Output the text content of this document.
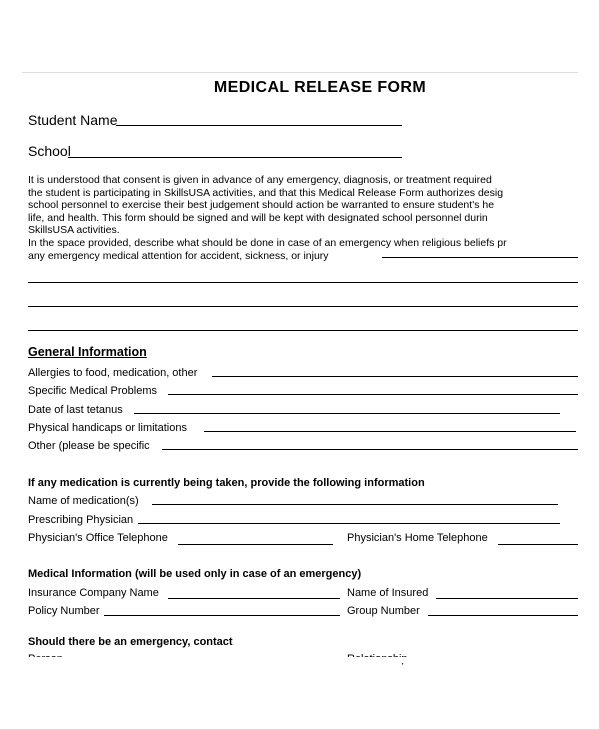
MEDICAL RELEASE FORM
Student Name
School
It is understood that consent is given in advance of any emergency, diagnosis, or treatment required
the student is participating in SkillsUSA activities, and that this Medical Release Form authorizes desig
school personnel to exercise their best judgement should action be warranted to ensure student's he
life, and health. This form should be signed and will be kept with designated school personnel durin
SkillsUSA activities.
In the space provided, describe what should be done in case of an emergency when religious beliefs pr
any emergency medical attention for accident, sickness, or injury
General Information
Allergies to food, medication, other
Specific Medical Problems
Date of last tetanus
Physical handicaps or limitations
Other (please be specific
If any medication is currently being taken, provide the following information
Name of medication(s)
Prescribing Physician
Physician's Office Telephone	Physician's Home Telephone
Medical Information (will be used only in case of an emergency)
Insurance Company Name	Name of Insured
Policy Number	Group Number
Should there be an emergency, contact
